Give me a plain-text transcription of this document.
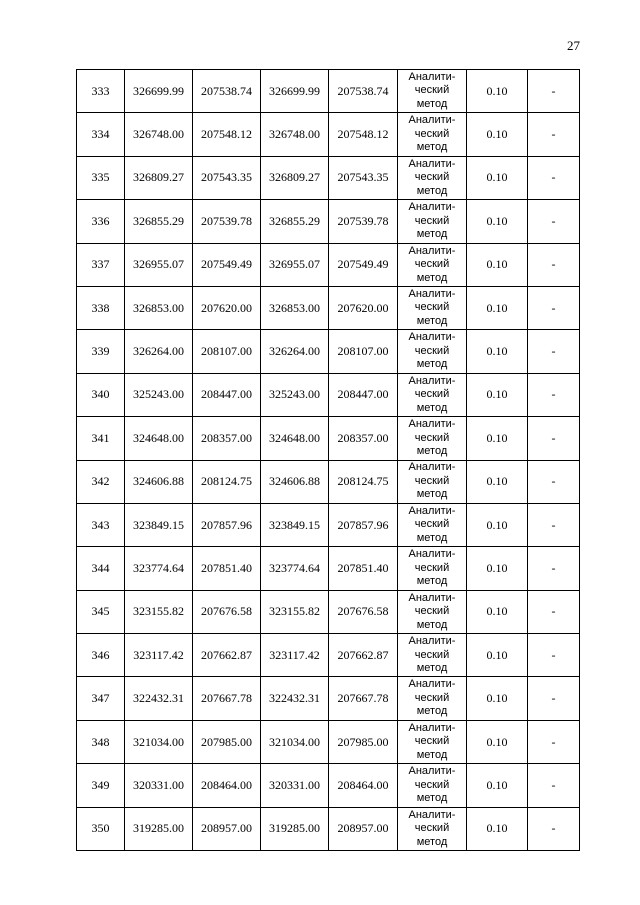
27
333	326699.99	207538.74	326699.99	207538.74	Аналити-
ческий
метод	0.10	-
334	326748.00	207548.12	326748.00	207548.12	Аналити-
ческий
метод	0.10	-
335	326809.27	207543.35	326809.27	207543.35	Аналити-
ческий
метод	0.10	-
336	326855.29	207539.78	326855.29	207539.78	Аналити-
ческий
метод	0.10	-
337	326955.07	207549.49	326955.07	207549.49	Аналити-
ческий
метод	0.10	-
338	326853.00	207620.00	326853.00	207620.00	Аналити-
ческий
метод	0.10	-
339	326264.00	208107.00	326264.00	208107.00	Аналити-
ческий
метод	0.10	-
340	325243.00	208447.00	325243.00	208447.00	Аналити-
ческий
метод	0.10	-
341	324648.00	208357.00	324648.00	208357.00	Аналити-
ческий
метод	0.10	-
342	324606.88	208124.75	324606.88	208124.75	Аналити-
ческий
метод	0.10	-
343	323849.15	207857.96	323849.15	207857.96	Аналити-
ческий
метод	0.10	-
344	323774.64	207851.40	323774.64	207851.40	Аналити-
ческий
метод	0.10	-
345	323155.82	207676.58	323155.82	207676.58	Аналити-
ческий
метод	0.10	-
346	323117.42	207662.87	323117.42	207662.87	Аналити-
ческий
метод	0.10	-
347	322432.31	207667.78	322432.31	207667.78	Аналити-
ческий
метод	0.10	-
348	321034.00	207985.00	321034.00	207985.00	Аналити-
ческий
метод	0.10	-
349	320331.00	208464.00	320331.00	208464.00	Аналити-
ческий
метод	0.10	-
350	319285.00	208957.00	319285.00	208957.00	Аналити-
ческий
метод	0.10	-
